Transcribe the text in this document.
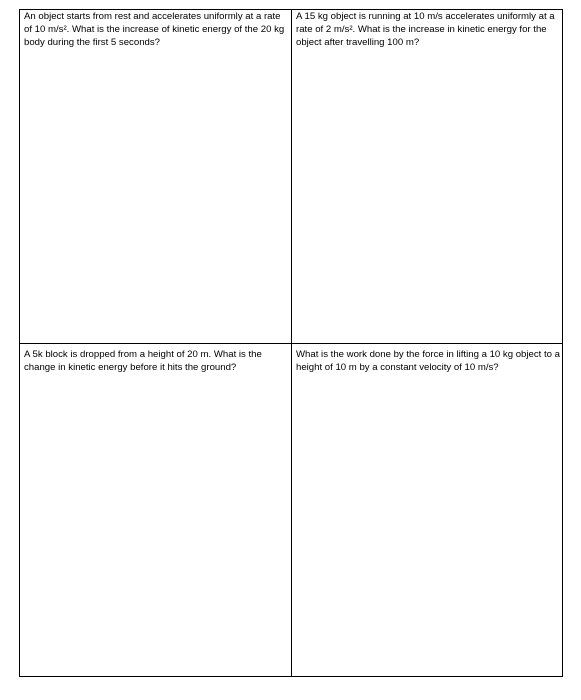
An object starts from rest and accelerates uniformly at a rate of 10 m/s². What is the increase of kinetic energy of the 20 kg body during the first 5 seconds?

A 15 kg object is running at 10 m/s accelerates uniformly at a rate of 2 m/s². What is the increase in kinetic energy for the object after travelling 100 m?

A 5k block is dropped from a height of 20 m. What is the change in kinetic energy before it hits the ground?

What is the work done by the force in lifting a 10 kg object to a height of 10 m by a constant velocity of 10 m/s?
